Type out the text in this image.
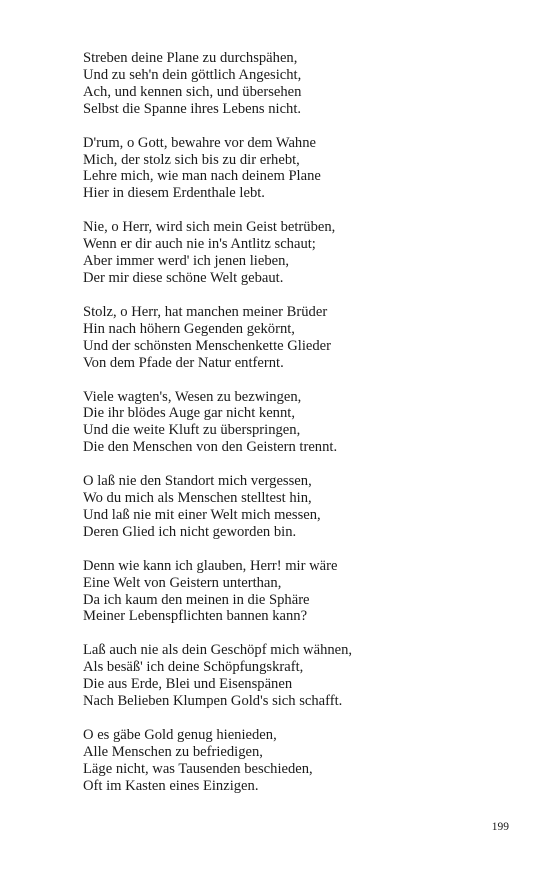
Streben deine Plane zu durchspähen,
Und zu seh'n dein göttlich Angesicht,
Ach, und kennen sich, und übersehen
Selbst die Spanne ihres Lebens nicht.
D'rum, o Gott, bewahre vor dem Wahne
Mich, der stolz sich bis zu dir erhebt,
Lehre mich, wie man nach deinem Plane
Hier in diesem Erdenthale lebt.
Nie, o Herr, wird sich mein Geist betrüben,
Wenn er dir auch nie in's Antlitz schaut;
Aber immer werd' ich jenen lieben,
Der mir diese schöne Welt gebaut.
Stolz, o Herr, hat manchen meiner Brüder
Hin nach höhern Gegenden gekörnt,
Und der schönsten Menschenkette Glieder
Von dem Pfade der Natur entfernt.
Viele wagten's, Wesen zu bezwingen,
Die ihr blödes Auge gar nicht kennt,
Und die weite Kluft zu überspringen,
Die den Menschen von den Geistern trennt.
O laß nie den Standort mich vergessen,
Wo du mich als Menschen stelltest hin,
Und laß nie mit einer Welt mich messen,
Deren Glied ich nicht geworden bin.
Denn wie kann ich glauben, Herr! mir wäre
Eine Welt von Geistern unterthan,
Da ich kaum den meinen in die Sphäre
Meiner Lebenspflichten bannen kann?
Laß auch nie als dein Geschöpf mich wähnen,
Als besäß' ich deine Schöpfungskraft,
Die aus Erde, Blei und Eisenspänen
Nach Belieben Klumpen Gold's sich schafft.
O es gäbe Gold genug hienieden,
Alle Menschen zu befriedigen,
Läge nicht, was Tausenden beschieden,
Oft im Kasten eines Einzigen.
199
